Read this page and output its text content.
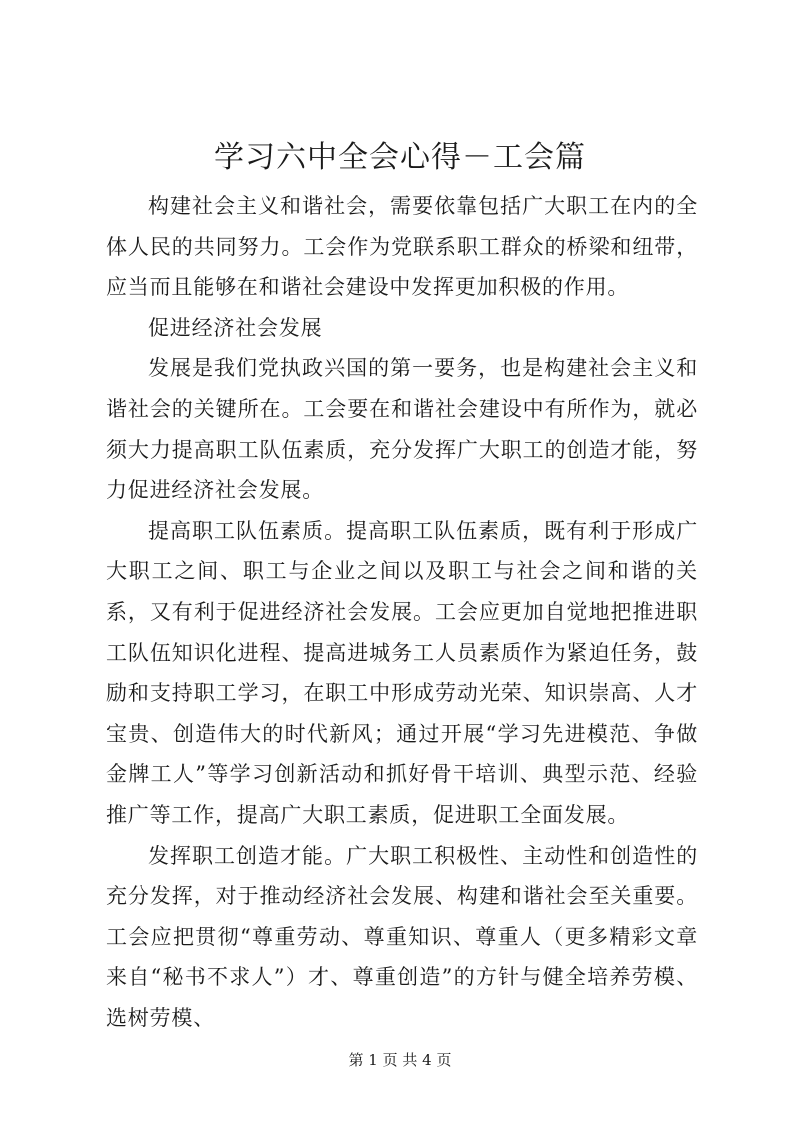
学习六中全会心得－工会篇

构建社会主义和谐社会，需要依靠包括广大职工在内的全体人民的共同努力。工会作为党联系职工群众的桥梁和纽带，应当而且能够在和谐社会建设中发挥更加积极的作用。

促进经济社会发展

发展是我们党执政兴国的第一要务，也是构建社会主义和谐社会的关键所在。工会要在和谐社会建设中有所作为，就必须大力提高职工队伍素质，充分发挥广大职工的创造才能，努力促进经济社会发展。

提高职工队伍素质。提高职工队伍素质，既有利于形成广大职工之间、职工与企业之间以及职工与社会之间和谐的关系，又有利于促进经济社会发展。工会应更加自觉地把推进职工队伍知识化进程、提高进城务工人员素质作为紧迫任务，鼓励和支持职工学习，在职工中形成劳动光荣、知识崇高、人才宝贵、创造伟大的时代新风；通过开展“学习先进模范、争做金牌工人”等学习创新活动和抓好骨干培训、典型示范、经验推广等工作，提高广大职工素质，促进职工全面发展。

发挥职工创造才能。广大职工积极性、主动性和创造性的充分发挥，对于推动经济社会发展、构建和谐社会至关重要。工会应把贯彻“尊重劳动、尊重知识、尊重人（更多精彩文章来自“秘书不求人”）才、尊重创造”的方针与健全培养劳模、选树劳模、

第 1 页 共 4 页
